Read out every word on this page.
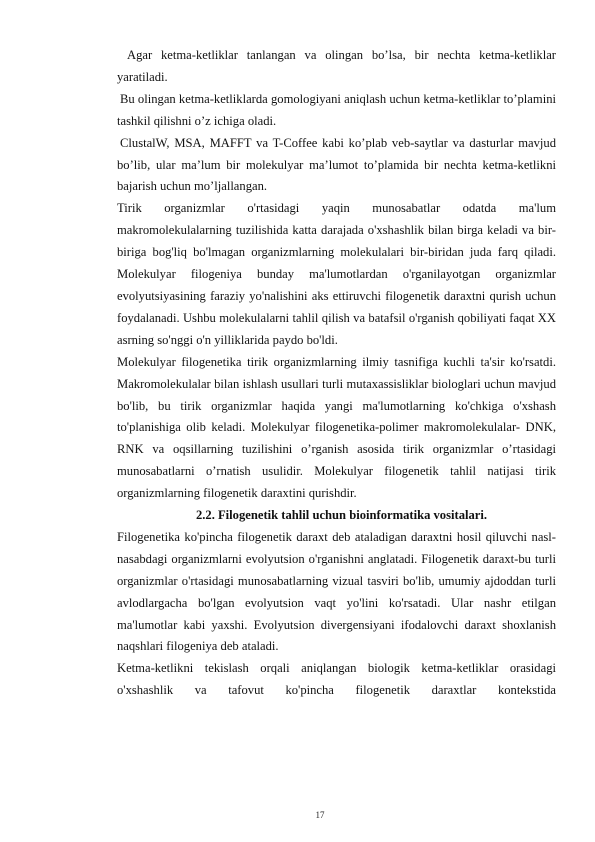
Agar ketma-ketliklar tanlangan va olingan bo’lsa, bir nechta ketma-ketliklar yaratiladi.

Bu olingan ketma-ketliklarda gomologiyani aniqlash uchun ketma-ketliklar to’plamini tashkil qilishni o’z ichiga oladi.

ClustalW, MSA, MAFFT va T-Coffee kabi ko’plab veb-saytlar va dasturlar mavjud bo’lib, ular ma’lum bir molekulyar ma’lumot to’plamida bir nechta ketma-ketlikni bajarish uchun mo’ljallangan.

Tirik organizmlar o'rtasidagi yaqin munosabatlar odatda ma'lum makromolekulalarning tuzilishida katta darajada o'xshashlik bilan birga keladi va bir-biriga bog'liq bo'lmagan organizmlarning molekulalari bir-biridan juda farq qiladi. Molekulyar filogeniya bunday ma'lumotlardan o'rganilayotgan organizmlar evolyutsiyasining faraziy yo'nalishini aks ettiruvchi filogenetik daraxtni qurish uchun foydalanadi. Ushbu molekulalarni tahlil qilish va batafsil o'rganish qobiliyati faqat XX asrning so'nggi o'n yilliklarida paydo bo'ldi.

Molekulyar filogenetika tirik organizmlarning ilmiy tasnifiga kuchli ta'sir ko'rsatdi. Makromolekulalar bilan ishlash usullari turli mutaxassisliklar biologlari uchun mavjud bo'lib, bu tirik organizmlar haqida yangi ma'lumotlarning ko'chkiga o'xshash to'planishiga olib keladi. Molekulyar filogenetika-polimer makromolekulalar- DNK, RNK va oqsillarning tuzilishini o’rganish asosida tirik organizmlar o’rtasidagi munosabatlarni o’rnatish usulidir. Molekulyar filogenetik tahlil natijasi tirik organizmlarning filogenetik daraxtini qurishdir.

2.2. Filogenetik tahlil uchun bioinformatika vositalari.

Filogenetika ko'pincha filogenetik daraxt deb ataladigan daraxtni hosil qiluvchi nasl-nasabdagi organizmlarni evolyutsion o'rganishni anglatadi. Filogenetik daraxt-bu turli organizmlar o'rtasidagi munosabatlarning vizual tasviri bo'lib, umumiy ajdoddan turli avlodlargacha bo'lgan evolyutsion vaqt yo'lini ko'rsatadi. Ular nashr etilgan ma'lumotlar kabi yaxshi. Evolyutsion divergensiyani ifodalovchi daraxt shoxlanish naqshlari filogeniya deb ataladi.

Ketma-ketlikni tekislash orqali aniqlangan biologik ketma-ketliklar orasidagi o'xshashlik va tafovut ko'pincha filogenetik daraxtlar kontekstida

17
